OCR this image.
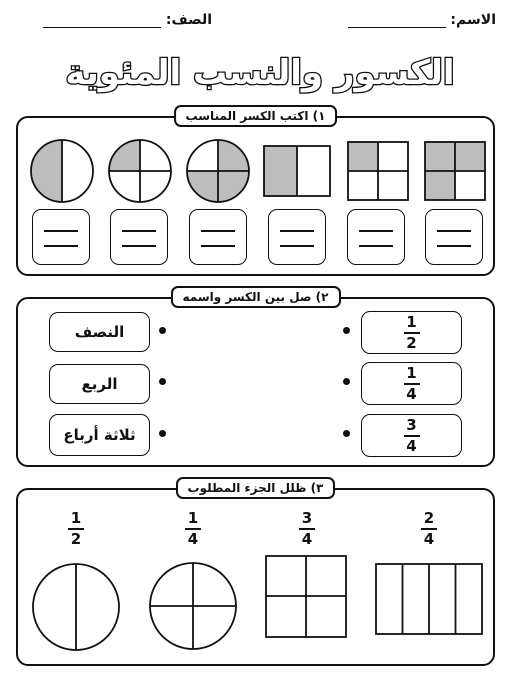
الاسم:
الصف:
الكسور والنسب المئوية
١) اكتب الكسر المناسب
٢) صل بين الكسر واسمه
النصف
الربع
ثلاثة أرباع
$\frac{1}{2}$
$\frac{1}{4}$
$\frac{3}{4}$
٣) ظلل الجزء المطلوب
1
2
1
4
3
4
2
4
